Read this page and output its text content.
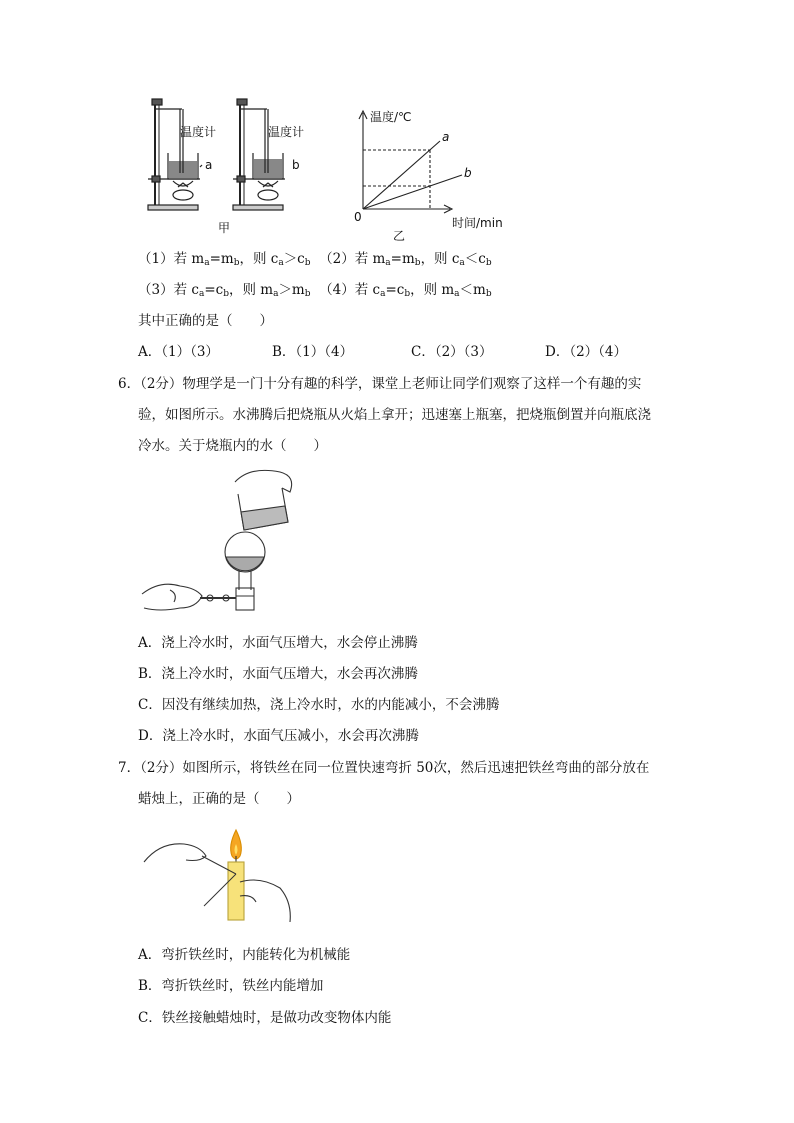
温度计	温度计
a	b
甲
温度/℃
时间/min
0
a
b
乙
（1）若 $m_a=m_b$，则 $c_a>c_b$ （2）若 $m_a=m_b$，则 $c_a<c_b$
（3）若 $c_a=c_b$，则 $m_a>m_b$ （4）若 $c_a=c_b$，则 $m_a<m_b$
其中正确的是（　　）
A．（1）（3）	B．（1）（4）	C．（2）（3）	D．（2）（4）
6．（2分）物理学是一门十分有趣的科学，课堂上老师让同学们观察了这样一个有趣的实
验，如图所示。水沸腾后把烧瓶从火焰上拿开；迅速塞上瓶塞，把烧瓶倒置并向瓶底浇
冷水。关于烧瓶内的水（　　）
A．浇上冷水时，水面气压增大，水会停止沸腾
B．浇上冷水时，水面气压增大，水会再次沸腾
C．因没有继续加热，浇上冷水时，水的内能减小，不会沸腾
D．浇上冷水时，水面气压减小，水会再次沸腾
7．（2分）如图所示，将铁丝在同一位置快速弯折 50次，然后迅速把铁丝弯曲的部分放在
蜡烛上，正确的是（　　）
A．弯折铁丝时，内能转化为机械能
B．弯折铁丝时，铁丝内能增加
C．铁丝接触蜡烛时，是做功改变物体内能
